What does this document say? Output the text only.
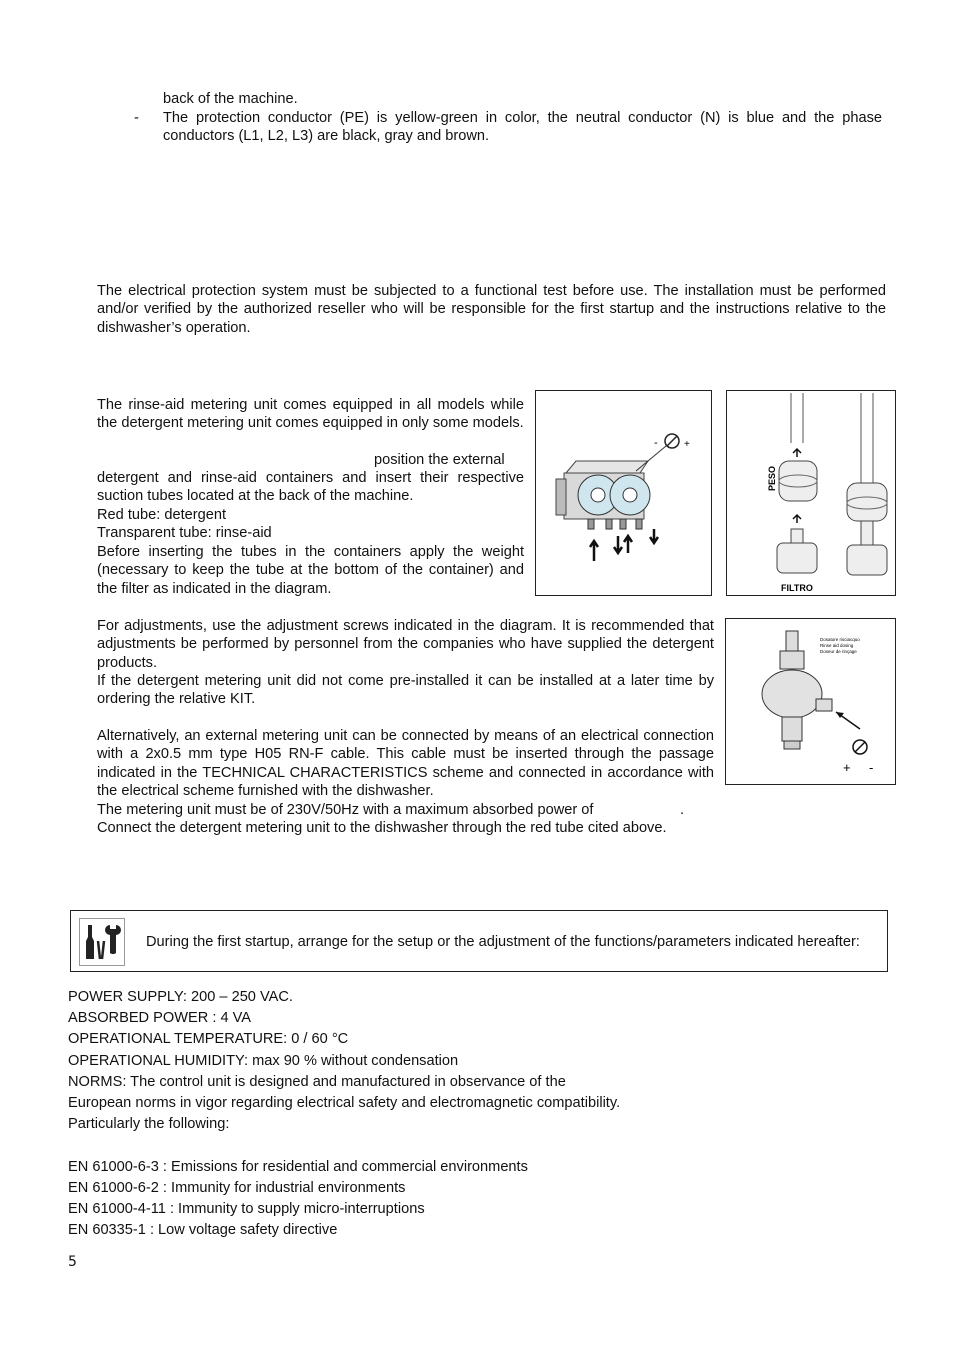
back of the machine.
- The protection conductor (PE) is yellow-green in color, the neutral conductor (N) is blue and the phase conductors (L1, L2, L3) are black, gray and brown.
The electrical protection system must be subjected to a functional test before use. The installation must be performed and/or verified by the authorized reseller who will be responsible for the first startup and the instructions relative to the dishwasher’s operation.
The rinse-aid metering unit comes equipped in all models while the detergent metering unit comes equipped in only some models.
position the external
detergent and rinse-aid containers and insert their respective suction tubes located at the back of the machine.
Red tube: detergent
Transparent tube: rinse-aid
Before inserting the tubes in the containers apply the weight (necessary to keep the tube at the bottom of the container) and the filter as indicated in the diagram.
For adjustments, use the adjustment screws indicated in the diagram. It is recommended that adjustments be performed by personnel from the companies who have supplied the detergent products.
If the detergent metering unit did not come pre-installed it can be installed at a later time by ordering the relative KIT.
Alternatively, an external metering unit can be connected by means of an electrical connection with a 2x0.5 mm type H05 RN-F cable. This cable must be inserted through the passage indicated in the TECHNICAL CHARACTERISTICS scheme and connected in accordance with the electrical scheme furnished with the dishwasher.
The metering unit must be of 230V/50Hz with a maximum absorbed power of	.
Connect the detergent metering unit to the dishwasher through the red tube cited above.
-	+
PESO
FILTRO
Dosatore risciacquo
Rinse aid dosing
Doseur de rinçage
+ -
During the first startup, arrange for the setup or the adjustment of the functions/parameters indicated hereafter:
POWER SUPPLY: 200 – 250 VAC.
ABSORBED POWER : 4 VA
OPERATIONAL TEMPERATURE: 0 / 60 °C
OPERATIONAL HUMIDITY: max 90 % without condensation
NORMS: The control unit is designed and manufactured in observance of the
European norms in vigor regarding electrical safety and electromagnetic compatibility.
Particularly the following:
EN 61000-6-3 : Emissions for residential and commercial environments
EN 61000-6-2 : Immunity for industrial environments
EN 61000-4-11 : Immunity to supply micro-interruptions
EN 60335-1 : Low voltage safety directive
5
